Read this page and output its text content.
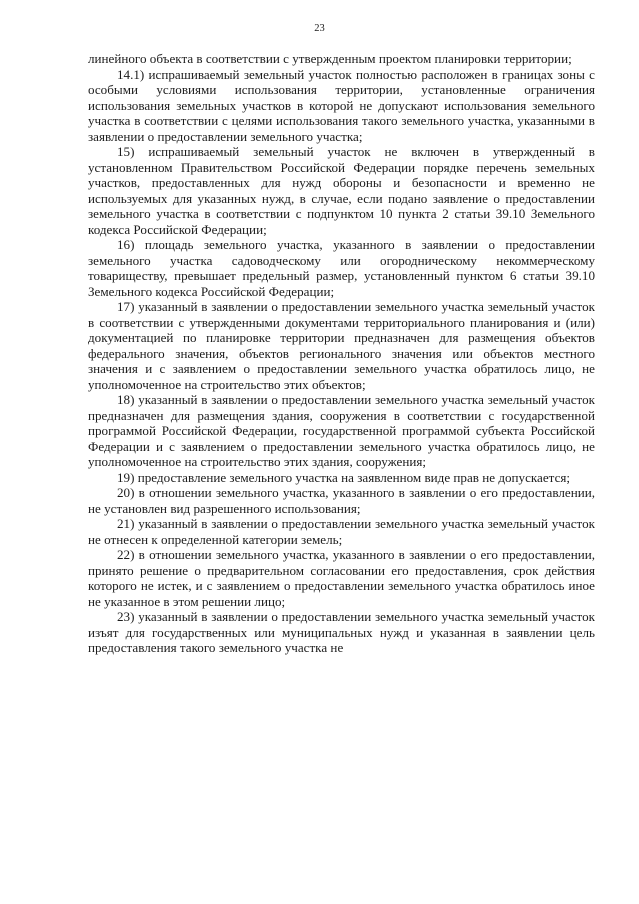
23

линейного объекта в соответствии с утвержденным проектом планировки территории;

14.1) испрашиваемый земельный участок полностью расположен в границах зоны с особыми условиями использования территории, установленные ограничения использования земельных участков в которой не допускают использования земельного участка в соответствии с целями использования такого земельного участка, указанными в заявлении о предоставлении земельного участка;

15) испрашиваемый земельный участок не включен в утвержденный в установленном Правительством Российской Федерации порядке перечень земельных участков, предоставленных для нужд обороны и безопасности и временно не используемых для указанных нужд, в случае, если подано заявление о предоставлении земельного участка в соответствии с подпунктом 10 пункта 2 статьи 39.10 Земельного кодекса Российской Федерации;

16) площадь земельного участка, указанного в заявлении о предоставлении земельного участка садоводческому или огородническому некоммерческому товариществу, превышает предельный размер, установленный пунктом 6 статьи 39.10 Земельного кодекса Российской Федерации;

17) указанный в заявлении о предоставлении земельного участка земельный участок в соответствии с утвержденными документами территориального планирования и (или) документацией по планировке территории предназначен для размещения объектов федерального значения, объектов регионального значения или объектов местного значения и с заявлением о предоставлении земельного участка обратилось лицо, не уполномоченное на строительство этих объектов;

18) указанный в заявлении о предоставлении земельного участка земельный участок предназначен для размещения здания, сооружения в соответствии с государственной программой Российской Федерации, государственной программой субъекта Российской Федерации и с заявлением о предоставлении земельного участка обратилось лицо, не уполномоченное на строительство этих здания, сооружения;

19) предоставление земельного участка на заявленном виде прав не допускается;

20) в отношении земельного участка, указанного в заявлении о его предоставлении, не установлен вид разрешенного использования;

21) указанный в заявлении о предоставлении земельного участка земельный участок не отнесен к определенной категории земель;

22) в отношении земельного участка, указанного в заявлении о его предоставлении, принято решение о предварительном согласовании его предоставления, срок действия которого не истек, и с заявлением о предоставлении земельного участка обратилось иное не указанное в этом решении лицо;

23) указанный в заявлении о предоставлении земельного участка земельный участок изъят для государственных или муниципальных нужд и указанная в заявлении цель предоставления такого земельного участка не
